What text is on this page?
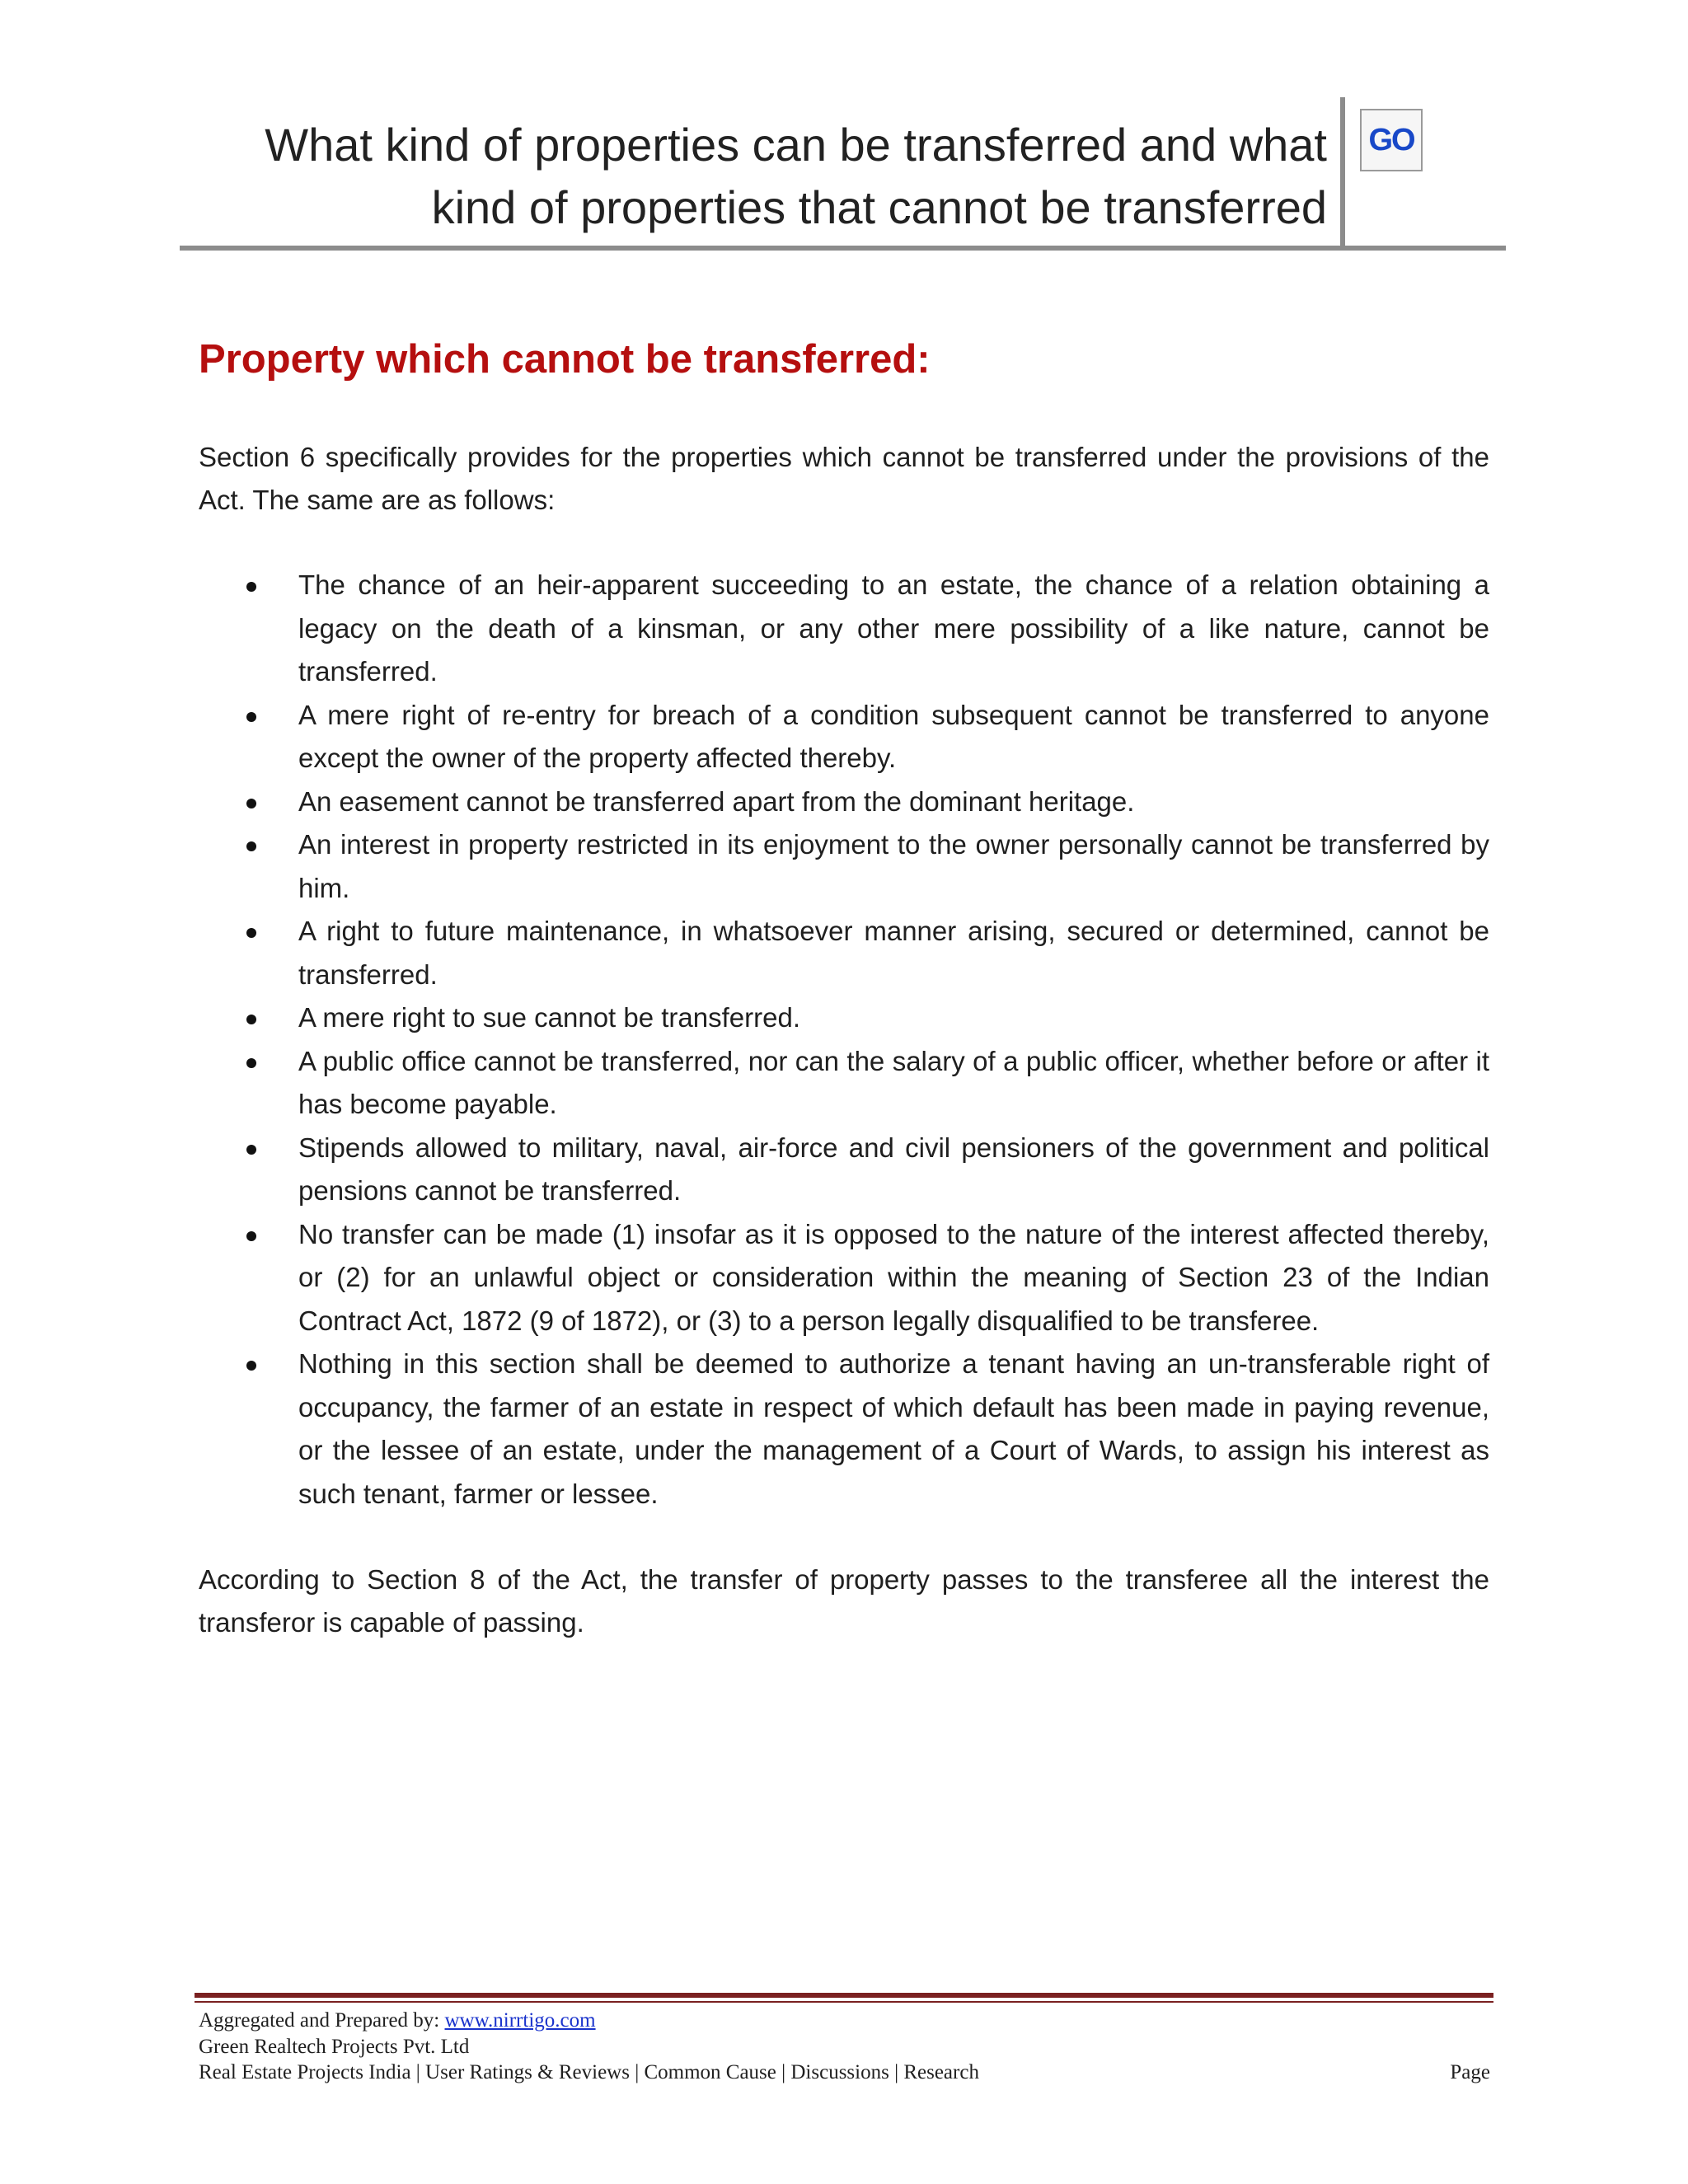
What kind of properties can be transferred and what
kind of properties that cannot be transferred
GO
Property which cannot be transferred:

Section 6 specifically provides for the properties which cannot be transferred under the provisions of the Act. The same are as follows:

The chance of an heir-apparent succeeding to an estate, the chance of a relation obtaining a legacy on the death of a kinsman, or any other mere possibility of a like nature, cannot be transferred.
A mere right of re-entry for breach of a condition subsequent cannot be transferred to anyone except the owner of the property affected thereby.
An easement cannot be transferred apart from the dominant heritage.
An interest in property restricted in its enjoyment to the owner personally cannot be transferred by him.
A right to future maintenance, in whatsoever manner arising, secured or determined, cannot be transferred.
A mere right to sue cannot be transferred.
A public office cannot be transferred, nor can the salary of a public officer, whether before or after it has become payable.
Stipends allowed to military, naval, air-force and civil pensioners of the government and political pensions cannot be transferred.
No transfer can be made (1) insofar as it is opposed to the nature of the interest affected thereby, or (2) for an unlawful object or consideration within the meaning of Section 23 of the Indian Contract Act, 1872 (9 of 1872), or (3) to a person legally disqualified to be transferee.
Nothing in this section shall be deemed to authorize a tenant having an un-transferable right of occupancy, the farmer of an estate in respect of which default has been made in paying revenue, or the lessee of an estate, under the management of a Court of Wards, to assign his interest as such tenant, farmer or lessee.

According to Section 8 of the Act, the transfer of property passes to the transferee all the interest the transferor is capable of passing.

Aggregated and Prepared by: www.nirrtigo.com
Green Realtech Projects Pvt. Ltd
Real Estate Projects India | User Ratings & Reviews | Common Cause | Discussions | Research	Page
